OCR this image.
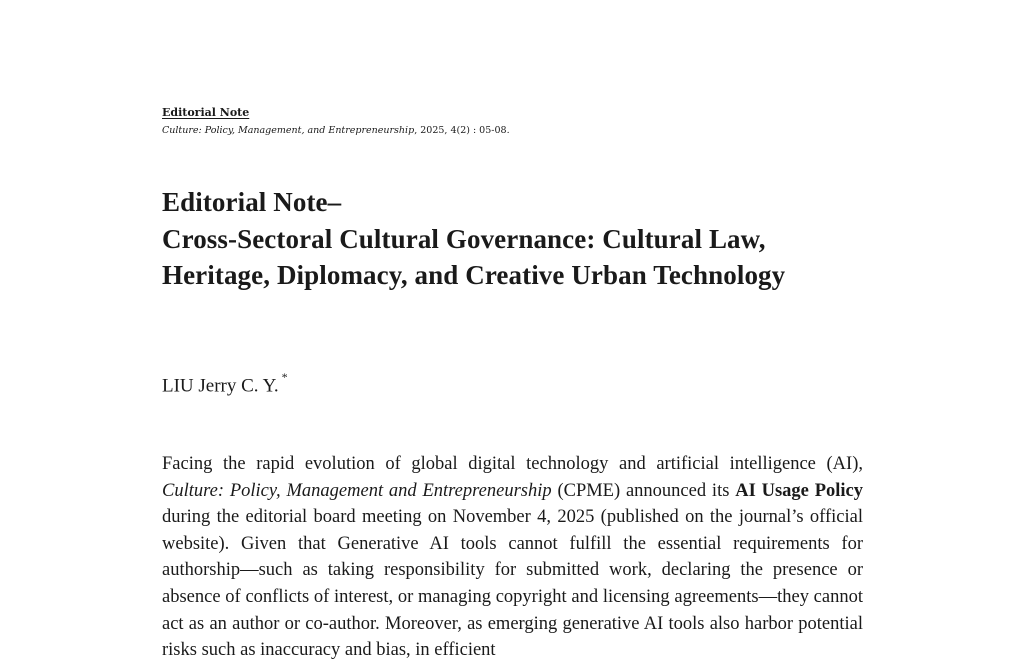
Editorial Note
Culture: Policy, Management, and Entrepreneurship, 2025, 4(2) : 05-08.
Editorial Note–
Cross-Sectoral Cultural Governance: Cultural Law,
Heritage, Diplomacy, and Creative Urban Technology
LIU Jerry C. Y. *

Facing the rapid evolution of global digital technology and artificial intelligence (AI), Culture: Policy, Management and Entrepreneurship (CPME) announced its AI Usage Policy during the editorial board meeting on November 4, 2025 (published on the journal’s official website). Given that Generative AI tools cannot fulfill the essential requirements for authorship—such as taking responsibility for submitted work, declaring the presence or absence of conflicts of interest, or managing copyright and licensing agreements—they cannot act as an author or co-author. Moreover, as emerging generative AI tools also harbor potential risks such as inaccuracy and bias, in efficient
